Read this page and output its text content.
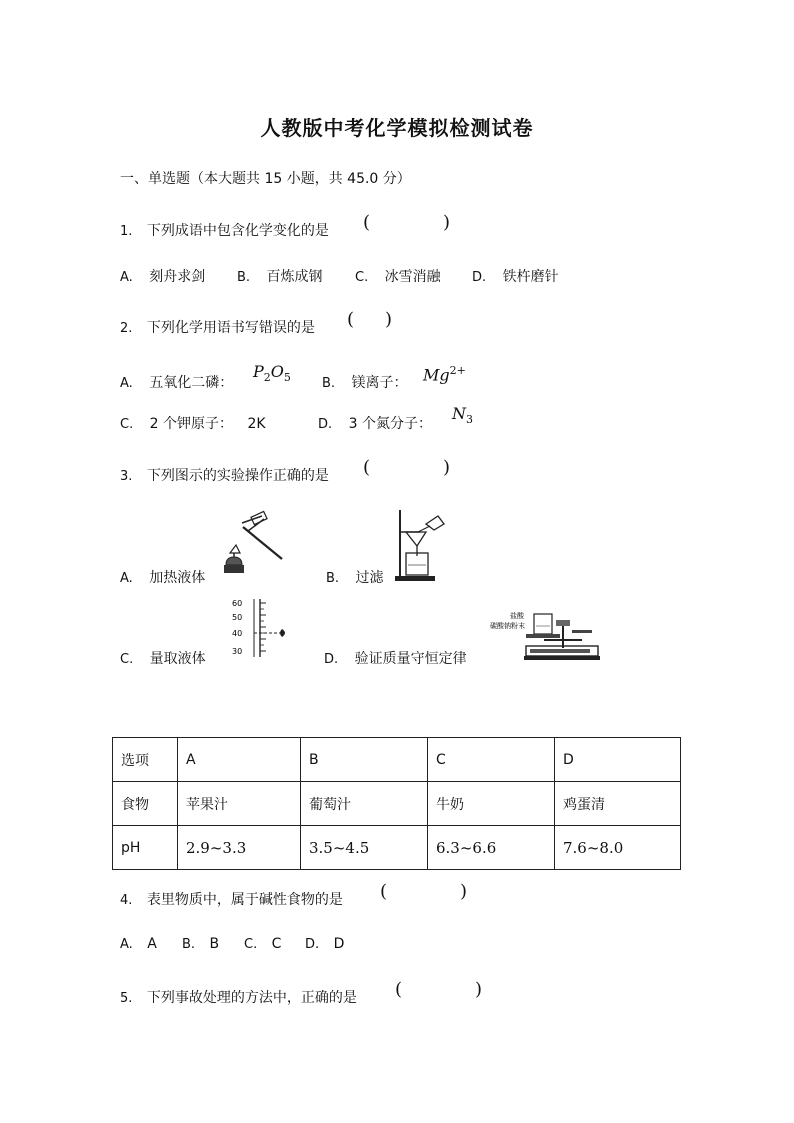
人教版中考化学模拟检测试卷
一、单选题（本大题共 15 小题，共 45.0 分）
1. 下列成语中包含化学变化的是 (	)
A. 刻舟求剑 B. 百炼成钢 C. 冰雪消融 D. 铁杵磨针
2. 下列化学用语书写错误的是 ( )
A. 五氧化二磷：
$P_2O_5$ B. 镁离子： $Mg^{2+}$
C. 2 个钾原子： 2K	D. 3 个氮分子：
$N_3$
3. 下列图示的实验操作正确的是 (	)
A. 加热液体	B. 过滤
C. 量取液体
60
50
40
30
D. 验证质量守恒定律
盐酸
碳酸钠粉末
选项	A	B	C	D
食物	苹果汁	葡萄汁	牛奶	鸡蛋清
pH	2.9~3.3	3.5~4.5	6.3~6.6	7.6~8.0
4. 表里物质中，属于碱性食物的是 (	)
A. A B. B C. C D. D
5. 下列事故处理的方法中，正确的是 (	)
